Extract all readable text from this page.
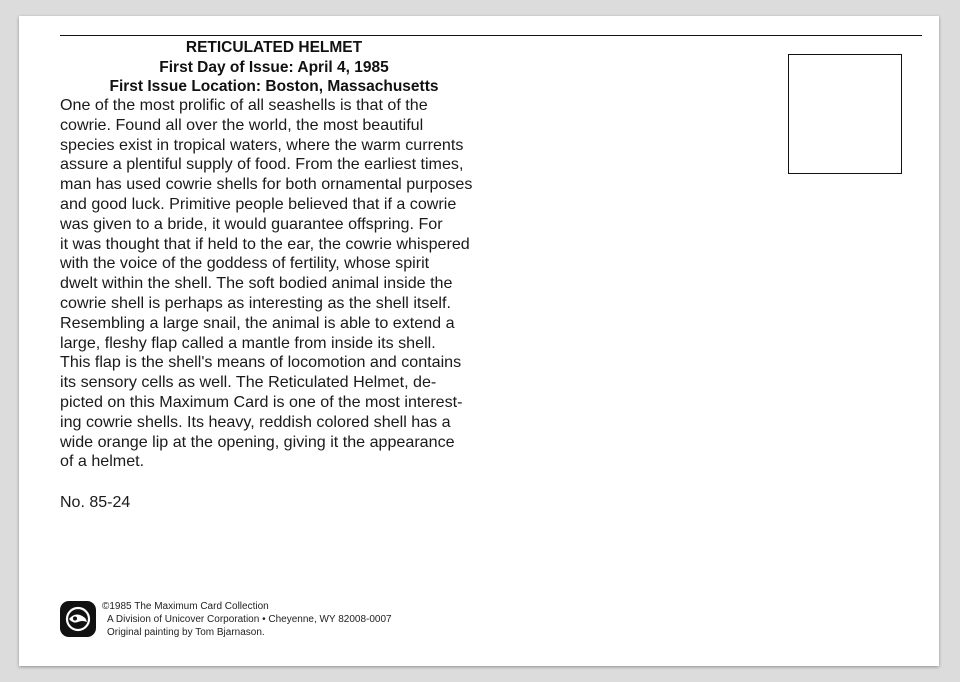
RETICULATED HELMET
First Day of Issue: April 4, 1985
First Issue Location: Boston, Massachusetts
One of the most prolific of all seashells is that of the
cowrie. Found all over the world, the most beautiful
species exist in tropical waters, where the warm currents
assure a plentiful supply of food. From the earliest times,
man has used cowrie shells for both ornamental purposes
and good luck. Primitive people believed that if a cowrie
was given to a bride, it would guarantee offspring. For
it was thought that if held to the ear, the cowrie whispered
with the voice of the goddess of fertility, whose spirit
dwelt within the shell. The soft bodied animal inside the
cowrie shell is perhaps as interesting as the shell itself.
Resembling a large snail, the animal is able to extend a
large, fleshy flap called a mantle from inside its shell.
This flap is the shell's means of locomotion and contains
its sensory cells as well. The Reticulated Helmet, de-
picted on this Maximum Card is one of the most interest-
ing cowrie shells. Its heavy, reddish colored shell has a
wide orange lip at the opening, giving it the appearance
of a helmet.
No. 85-24
©1985 The Maximum Card Collection
A Division of Unicover Corporation • Cheyenne, WY 82008-0007
Original painting by Tom Bjarnason.
